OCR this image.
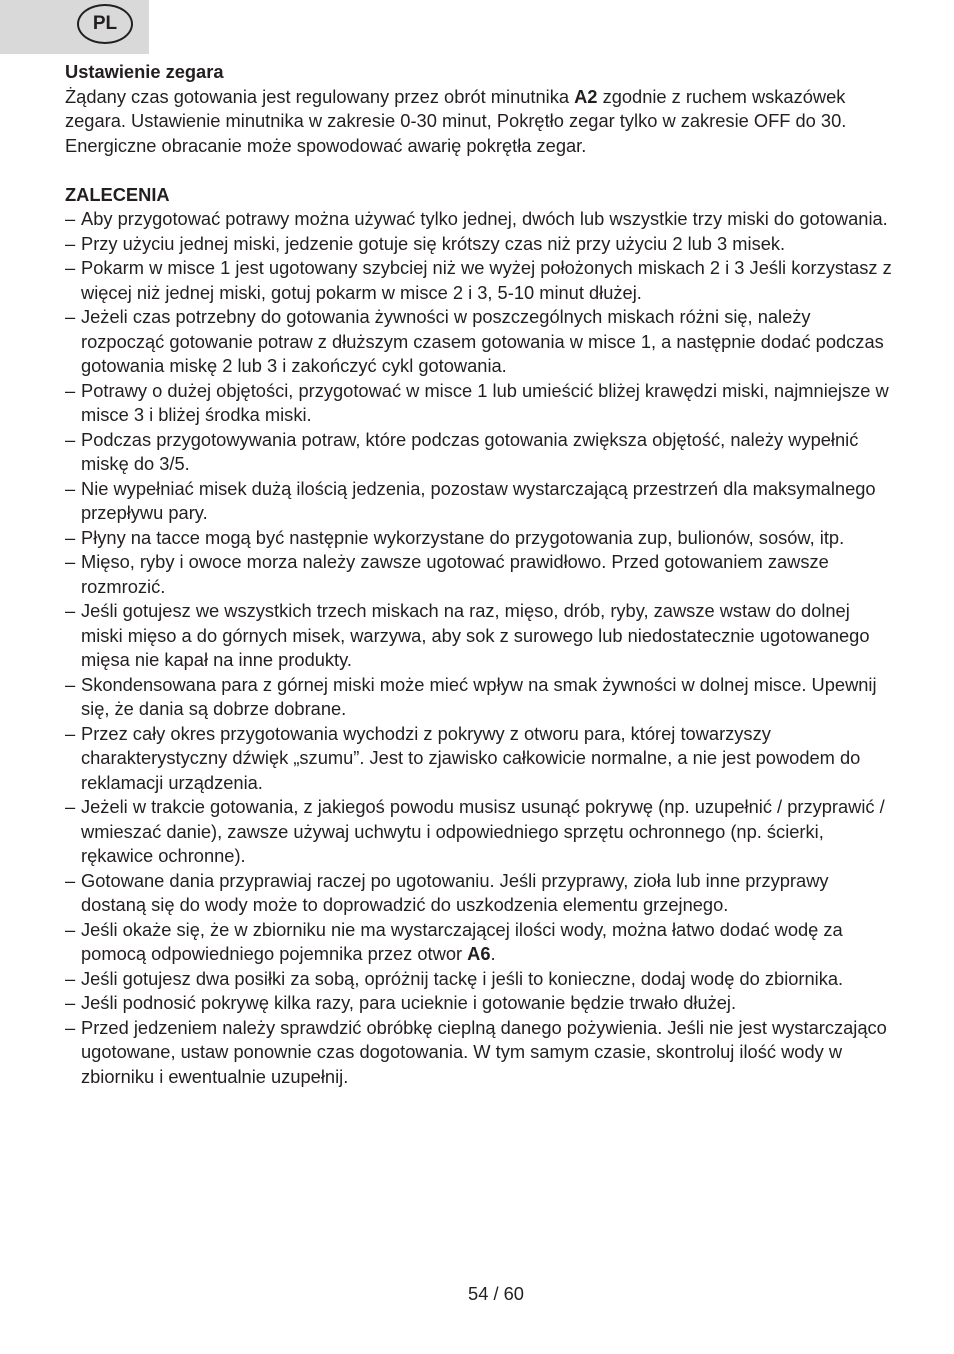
PL

Ustawienie zegara

Żądany czas gotowania jest regulowany przez obrót minutnika A2 zgodnie z ruchem wskazówek zegara. Ustawienie minutnika w zakresie 0-30 minut, Pokrętło zegar tylko w zakresie OFF do 30. Energiczne obracanie może spowodować awarię pokrętła zegar.

ZALECENIA

– Aby przygotować potrawy można używać tylko jednej, dwóch lub wszystkie trzy miski do gotowania.
– Przy użyciu jednej miski, jedzenie gotuje się krótszy czas niż przy użyciu 2 lub 3 misek.
– Pokarm w misce 1 jest ugotowany szybciej niż we wyżej położonych miskach 2 i 3 Jeśli korzystasz z więcej niż jednej miski, gotuj pokarm w misce 2 i 3, 5-10 minut dłużej.
– Jeżeli czas potrzebny do gotowania żywności w poszczególnych miskach różni się, należy rozpocząć gotowanie potraw z dłuższym czasem gotowania w misce 1, a następnie dodać podczas gotowania miskę 2 lub 3 i zakończyć cykl gotowania.
– Potrawy o dużej objętości, przygotować w misce 1 lub umieścić bliżej krawędzi miski, najmniejsze w misce 3 i bliżej środka miski.
– Podczas przygotowywania potraw, które podczas gotowania zwiększa objętość, należy wypełnić miskę do 3/5.
– Nie wypełniać misek dużą ilością jedzenia, pozostaw wystarczającą przestrzeń dla maksymalnego przepływu pary.
– Płyny na tacce mogą być następnie wykorzystane do przygotowania zup, bulionów, sosów, itp.
– Mięso, ryby i owoce morza należy zawsze ugotować prawidłowo. Przed gotowaniem zawsze rozmrozić.
– Jeśli gotujesz we wszystkich trzech miskach na raz, mięso, drób, ryby, zawsze wstaw do dolnej miski mięso a do górnych misek, warzywa, aby sok z surowego lub niedostatecznie ugotowanego mięsa nie kapał na inne produkty.
– Skondensowana para z górnej miski może mieć wpływ na smak żywności w dolnej misce. Upewnij się, że dania są dobrze dobrane.
– Przez cały okres przygotowania wychodzi z pokrywy z otworu para, której towarzyszy charakterystyczny dźwięk „szumu”. Jest to zjawisko całkowicie normalne, a nie jest powodem do reklamacji urządzenia.
– Jeżeli w trakcie gotowania, z jakiegoś powodu musisz usunąć pokrywę (np. uzupełnić / przyprawić / wmieszać danie), zawsze używaj uchwytu i odpowiedniego sprzętu ochronnego (np. ścierki, rękawice ochronne).
– Gotowane dania przyprawiaj raczej po ugotowaniu. Jeśli przyprawy, zioła lub inne przyprawy dostaną się do wody może to doprowadzić do uszkodzenia elementu grzejnego.
– Jeśli okaże się, że w zbiorniku nie ma wystarczającej ilości wody, można łatwo dodać wodę za pomocą odpowiedniego pojemnika przez otwor A6.
– Jeśli gotujesz dwa posiłki za sobą, opróżnij tackę i jeśli to konieczne, dodaj wodę do zbiornika.
– Jeśli podnosić pokrywę kilka razy, para ucieknie i gotowanie będzie trwało dłużej.
– Przed jedzeniem należy sprawdzić obróbkę cieplną danego pożywienia. Jeśli nie jest wystarczająco ugotowane, ustaw ponownie czas dogotowania. W tym samym czasie, skontroluj ilość wody w zbiorniku i ewentualnie uzupełnij.
54 / 60
